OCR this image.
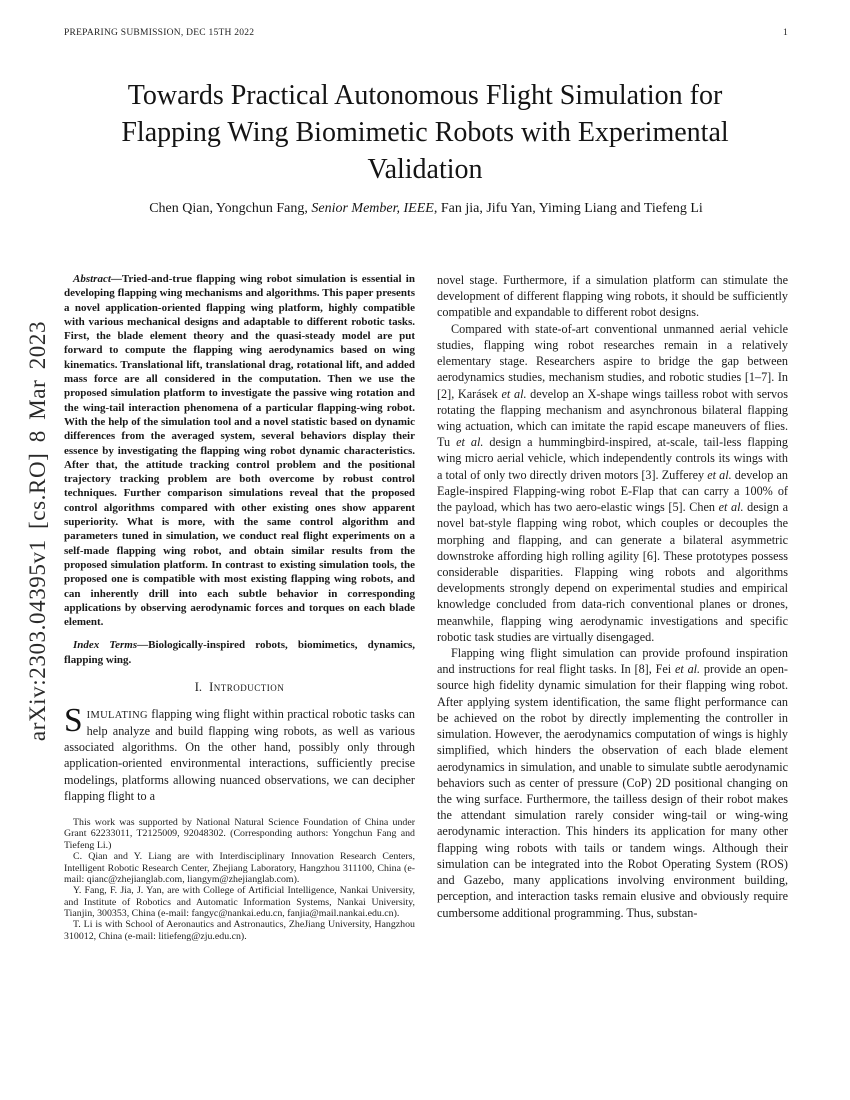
PREPARING SUBMISSION, DEC 15TH 2022	1
arXiv:2303.04395v1 [cs.RO] 8 Mar 2023
Towards Practical Autonomous Flight Simulation for Flapping Wing Biomimetic Robots with Experimental Validation
Chen Qian, Yongchun Fang, Senior Member, IEEE, Fan jia, Jifu Yan, Yiming Liang and Tiefeng Li

Abstract—Tried-and-true flapping wing robot simulation is essential in developing flapping wing mechanisms and algorithms. This paper presents a novel application-oriented flapping wing platform, highly compatible with various mechanical designs and adaptable to different robotic tasks. First, the blade element theory and the quasi-steady model are put forward to compute the flapping wing aerodynamics based on wing kinematics. Translational lift, translational drag, rotational lift, and added mass force are all considered in the computation. Then we use the proposed simulation platform to investigate the passive wing rotation and the wing-tail interaction phenomena of a particular flapping-wing robot. With the help of the simulation tool and a novel statistic based on dynamic differences from the averaged system, several behaviors display their essence by investigating the flapping wing robot dynamic characteristics. After that, the attitude tracking control problem and the positional trajectory tracking problem are both overcome by robust control techniques. Further comparison simulations reveal that the proposed control algorithms compared with other existing ones show apparent superiority. What is more, with the same control algorithm and parameters tuned in simulation, we conduct real flight experiments on a self-made flapping wing robot, and obtain similar results from the proposed simulation platform. In contrast to existing simulation tools, the proposed one is compatible with most existing flapping wing robots, and can inherently drill into each subtle behavior in corresponding applications by observing aerodynamic forces and torques on each blade element.

Index Terms—Biologically-inspired robots, biomimetics, dynamics, flapping wing.

I. Introduction

SIMULATING flapping wing flight within practical robotic tasks can help analyze and build flapping wing robots, as well as various associated algorithms. On the other hand, possibly only through application-oriented environmental interactions, sufficiently precise modelings, platforms allowing nuanced observations, we can decipher flapping flight to a

This work was supported by National Natural Science Foundation of China under Grant 62233011, T2125009, 92048302. (Corresponding authors: Yongchun Fang and Tiefeng Li.)

C. Qian and Y. Liang are with Interdisciplinary Innovation Research Centers, Intelligent Robotic Research Center, Zhejiang Laboratory, Hangzhou 311100, China (e-mail: qianc@zhejianglab.com, liangym@zhejianglab.com).

Y. Fang, F. Jia, J. Yan, are with College of Artificial Intelligence, Nankai University, and Institute of Robotics and Automatic Information Systems, Nankai University, Tianjin, 300353, China (e-mail: fangyc@nankai.edu.cn, fanjia@mail.nankai.edu.cn).

T. Li is with School of Aeronautics and Astronautics, ZheJiang University, Hangzhou 310012, China (e-mail: litiefeng@zju.edu.cn).

novel stage. Furthermore, if a simulation platform can stimulate the development of different flapping wing robots, it should be sufficiently compatible and expandable to different robot designs.

Compared with state-of-art conventional unmanned aerial vehicle studies, flapping wing robot researches remain in a relatively elementary stage. Researchers aspire to bridge the gap between aerodynamics studies, mechanism studies, and robotic studies [1–7]. In [2], Karásek et al. develop an X-shape wings tailless robot with servos rotating the flapping mechanism and asynchronous bilateral flapping wing actuation, which can imitate the rapid escape maneuvers of flies. Tu et al. design a hummingbird-inspired, at-scale, tail-less flapping wing micro aerial vehicle, which independently controls its wings with a total of only two directly driven motors [3]. Zufferey et al. develop an Eagle-inspired Flapping-wing robot E-Flap that can carry a 100% of the payload, which has two aero-elastic wings [5]. Chen et al. design a novel bat-style flapping wing robot, which couples or decouples the morphing and flapping, and can generate a bilateral asymmetric downstroke affording high rolling agility [6]. These prototypes possess considerable disparities. Flapping wing robots and algorithms developments strongly depend on experimental studies and empirical knowledge concluded from data-rich conventional planes or drones, meanwhile, flapping wing aerodynamic investigations and specific robotic task studies are virtually disengaged.

Flapping wing flight simulation can provide profound inspiration and instructions for real flight tasks. In [8], Fei et al. provide an open-source high fidelity dynamic simulation for their flapping wing robot. After applying system identification, the same flight performance can be achieved on the robot by directly implementing the controller in simulation. However, the aerodynamics computation of wings is highly simplified, which hinders the observation of each blade element aerodynamics in simulation, and unable to simulate subtle aerodynamic behaviors such as center of pressure (CoP) 2D positional changing on the wing surface. Furthermore, the tailless design of their robot makes the attendant simulation rarely consider wing-tail or wing-wing aerodynamic interaction. This hinders its application for many other flapping wing robots with tails or tandem wings. Although their simulation can be integrated into the Robot Operating System (ROS) and Gazebo, many applications involving environment building, perception, and interaction tasks remain elusive and obviously require cumbersome additional programming. Thus, substan-
